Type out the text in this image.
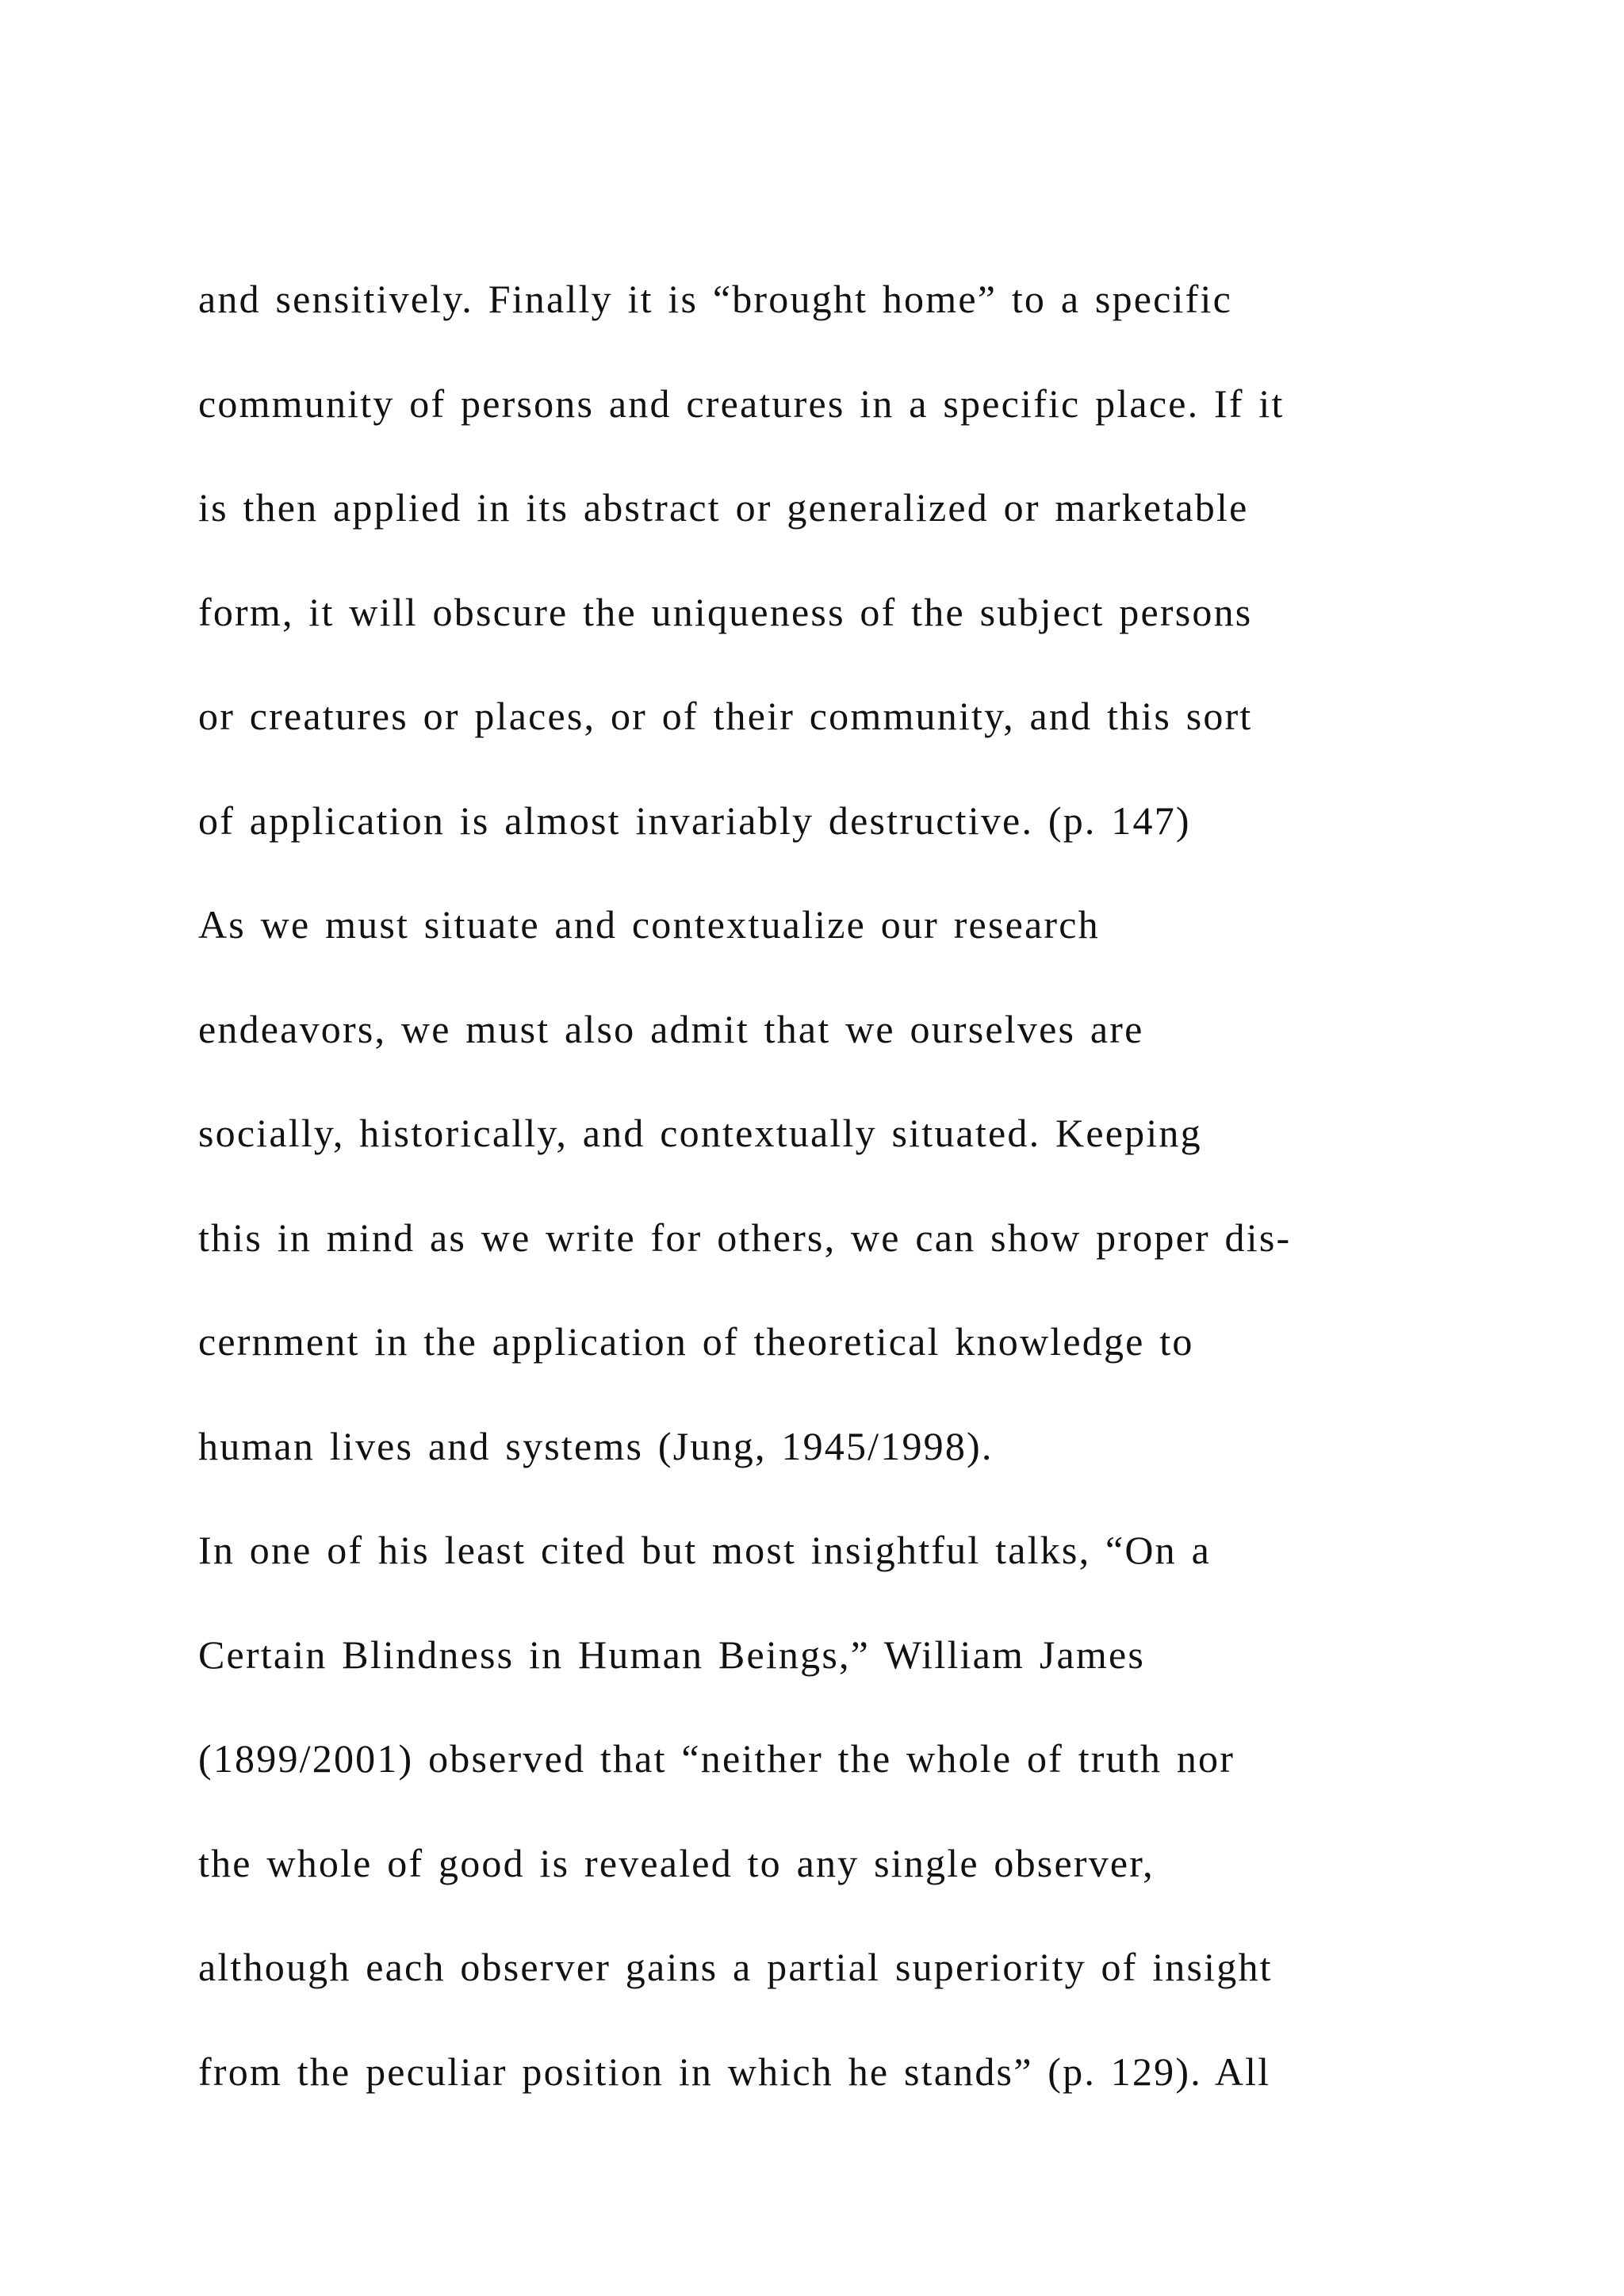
and sensitively. Finally it is “brought home” to a specific
community of persons and creatures in a specific place. If it
is then applied in its abstract or generalized or marketable
form, it will obscure the uniqueness of the subject persons
or creatures or places, or of their community, and this sort
of application is almost invariably destructive. (p. 147)
As we must situate and contextualize our research
endeavors, we must also admit that we ourselves are
socially, historically, and contextually situated. Keeping
this in mind as we write for others, we can show proper dis-
cernment in the application of theoretical knowledge to
human lives and systems (Jung, 1945/1998).
In one of his least cited but most insightful talks, “On a
Certain Blindness in Human Beings,” William James
(1899/2001) observed that “neither the whole of truth nor
the whole of good is revealed to any single observer,
although each observer gains a partial superiority of insight
from the peculiar position in which he stands” (p. 129). All
